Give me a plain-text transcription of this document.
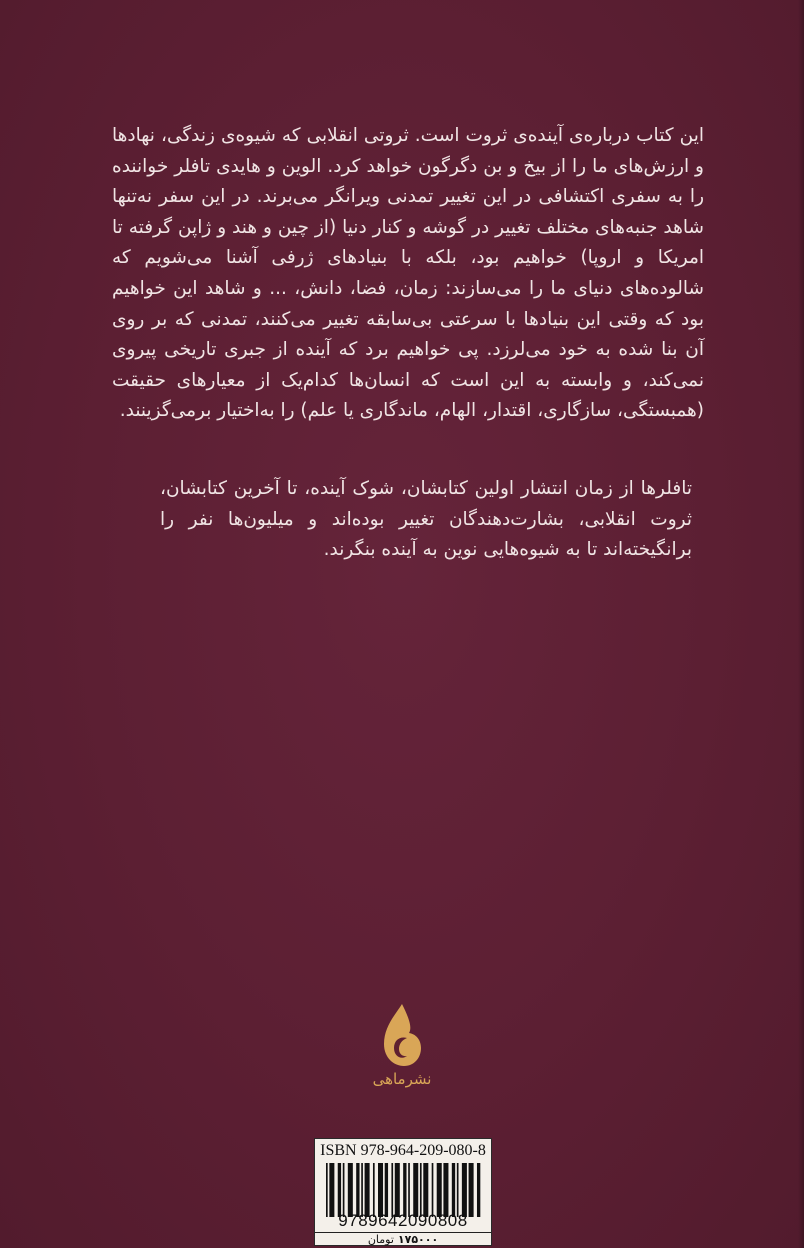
این کتاب درباره‌ی آینده‌ی ثروت است. ثروتی انقلابی که شیوه‌ی زندگی، نهادها و ارزش‌های ما را از بیخ و بن دگرگون خواهد کرد. الوین و هایدی تافلر خواننده را به سفری اکتشافی در این تغییر تمدنی ویرانگر می‌برند. در این سفر نه‌تنها شاهد جنبه‌های مختلف تغییر در گوشه و کنار دنیا (از چین و هند و ژاپن گرفته تا امریکا و اروپا) خواهیم بود، بلکه با بنیادهای ژرفی آشنا می‌شویم که شالوده‌های دنیای ما را می‌سازند: زمان، فضا، دانش، ... و شاهد این خواهیم بود که وقتی این بنیادها با سرعتی بی‌سابقه تغییر می‌کنند، تمدنی که بر روی آن بنا شده به خود می‌لرزد. پی خواهیم برد که آینده از جبری تاریخی پیروی نمی‌کند، و وابسته به این است که انسان‌ها کدام‌یک از معیارهای حقیقت (همبستگی، سازگاری، اقتدار، الهام، ماندگاری یا علم) را به‌اختیار برمی‌گزینند.

تافلرها از زمان انتشار اولین کتابشان، شوک آینده، تا آخرین کتابشان، ثروت انقلابی، بشارت‌دهندگان تغییر بوده‌اند و میلیون‌ها نفر را برانگیخته‌اند تا به شیوه‌هایی نوین به آینده بنگرند.

نشرماهی
ISBN 978-964-209-080-8
9789642090808
۱۷۵۰۰۰تومان
